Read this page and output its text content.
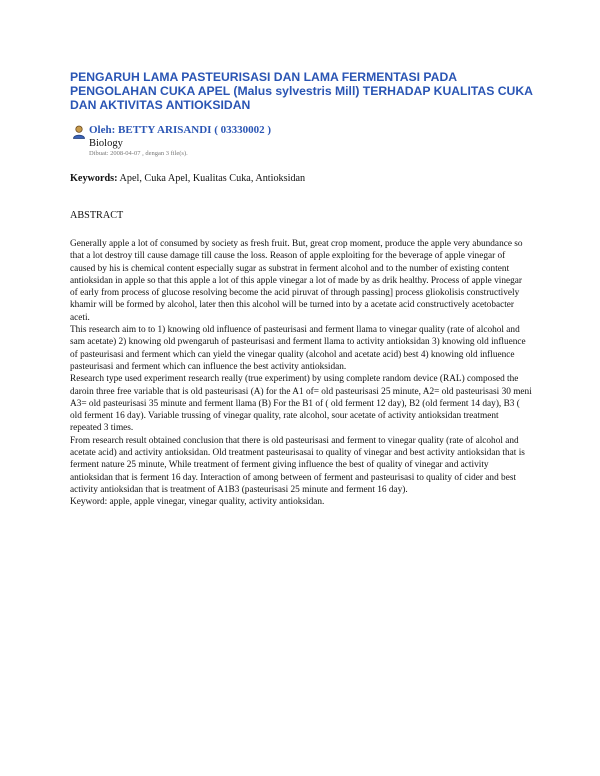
PENGARUH LAMA PASTEURISASI DAN LAMA FERMENTASI PADA PENGOLAHAN CUKA APEL (Malus sylvestris Mill) TERHADAP KUALITAS CUKA DAN AKTIVITAS ANTIOKSIDAN
Oleh: BETTY ARISANDI ( 03330002 )
Biology
Dibuat: 2008-04-07 , dengan 3 file(s).
Keywords: Apel, Cuka Apel, Kualitas Cuka, Antioksidan
ABSTRACT

Generally apple a lot of consumed by society as fresh fruit. But, great crop moment, produce the apple very abundance so that a lot destroy till cause damage till cause the loss. Reason of apple exploiting for the beverage of apple vinegar of caused by his is chemical content especially sugar as substrat in ferment alcohol and to the number of existing content antioksidan in apple so that this apple a lot of this apple vinegar a lot of made by as drik healthy. Process of apple vinegar of early from process of glucose resolving become the acid piruvat of through passing] process gliokolisis constructively khamir will be formed by alcohol, later then this alcohol will be turned into by a acetate acid constructively acetobacter aceti.

This research aim to to 1) knowing old influence of pasteurisasi and ferment llama to vinegar quality (rate of alcohol and sam acetate) 2) knowing old pwengaruh of pasteurisasi and ferment llama to activity antioksidan 3) knowing old influence of pasteurisasi and ferment which can yield the vinegar quality (alcohol and acetate acid) best 4) knowing old influence pasteurisasi and ferment which can influence the best activity antioksidan.

Research type used experiment research really (true experiment) by using complete random device (RAL) composed the daroin three free variable that is old pasteurisasi (A) for the A1 of= old pasteurisasi 25 minute, A2= old pasteurisasi 30 meni A3= old pasteurisasi 35 minute and ferment llama (B) For the B1 of ( old ferment 12 day), B2 (old ferment 14 day), B3 ( old ferment 16 day). Variable trussing of vinegar quality, rate alcohol, sour acetate of activity antioksidan treatment repeated 3 times.

From research result obtained conclusion that there is old pasteurisasi and ferment to vinegar quality (rate of alcohol and acetate acid) and activity antioksidan. Old treatment pasteurisasai to quality of vinegar and best activity antioksidan that is ferment nature 25 minute, While treatment of ferment giving influence the best of quality of vinegar and activity antioksidan that is ferment 16 day. Interaction of among between of ferment and pasteurisasi to quality of cider and best activity antioksidan that is treatment of A1B3 (pasteurisasi 25 minute and ferment 16 day).

Keyword: apple, apple vinegar, vinegar quality, activity antioksidan.
